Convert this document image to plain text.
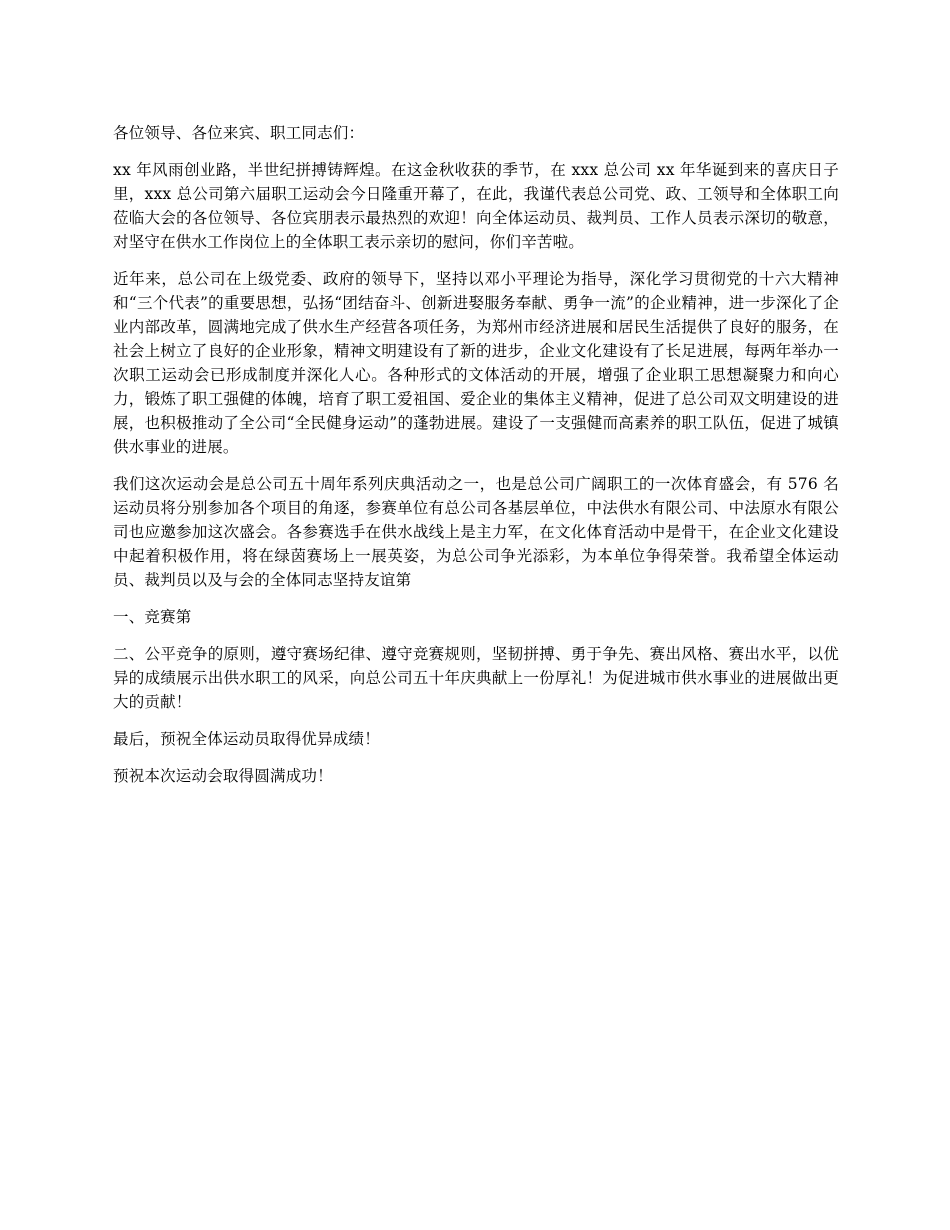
各位领导、各位来宾、职工同志们：

xx 年风雨创业路，半世纪拼搏铸辉煌。在这金秋收获的季节，在 xxx 总公司 xx 年华诞到来的喜庆日子里，xxx 总公司第六届职工运动会今日隆重开幕了，在此，我谨代表总公司党、政、工领导和全体职工向莅临大会的各位领导、各位宾朋表示最热烈的欢迎！向全体运动员、裁判员、工作人员表示深切的敬意，对坚守在供水工作岗位上的全体职工表示亲切的慰问，你们辛苦啦。

近年来，总公司在上级党委、政府的领导下，坚持以邓小平理论为指导，深化学习贯彻党的十六大精神和“三个代表”的重要思想，弘扬“团结奋斗、创新进娶服务奉献、勇争一流”的企业精神，进一步深化了企业内部改革，圆满地完成了供水生产经营各项任务，为郑州市经济进展和居民生活提供了良好的服务，在社会上树立了良好的企业形象，精神文明建设有了新的进步，企业文化建设有了长足进展，每两年举办一次职工运动会已形成制度并深化人心。各种形式的文体活动的开展，增强了企业职工思想凝聚力和向心力，锻炼了职工强健的体魄，培育了职工爱祖国、爱企业的集体主义精神，促进了总公司双文明建设的进展，也积极推动了全公司“全民健身运动”的蓬勃进展。建设了一支强健而高素养的职工队伍，促进了城镇供水事业的进展。

我们这次运动会是总公司五十周年系列庆典活动之一，也是总公司广阔职工的一次体育盛会，有 576 名运动员将分别参加各个项目的角逐，参赛单位有总公司各基层单位，中法供水有限公司、中法原水有限公司也应邀参加这次盛会。各参赛选手在供水战线上是主力军，在文化体育活动中是骨干，在企业文化建设中起着积极作用，将在绿茵赛场上一展英姿，为总公司争光添彩，为本单位争得荣誉。我希望全体运动员、裁判员以及与会的全体同志坚持友谊第

一、竞赛第

二、公平竞争的原则，遵守赛场纪律、遵守竞赛规则，坚韧拼搏、勇于争先、赛出风格、赛出水平，以优异的成绩展示出供水职工的风采，向总公司五十年庆典献上一份厚礼！为促进城市供水事业的进展做出更大的贡献！

最后，预祝全体运动员取得优异成绩！

预祝本次运动会取得圆满成功！
